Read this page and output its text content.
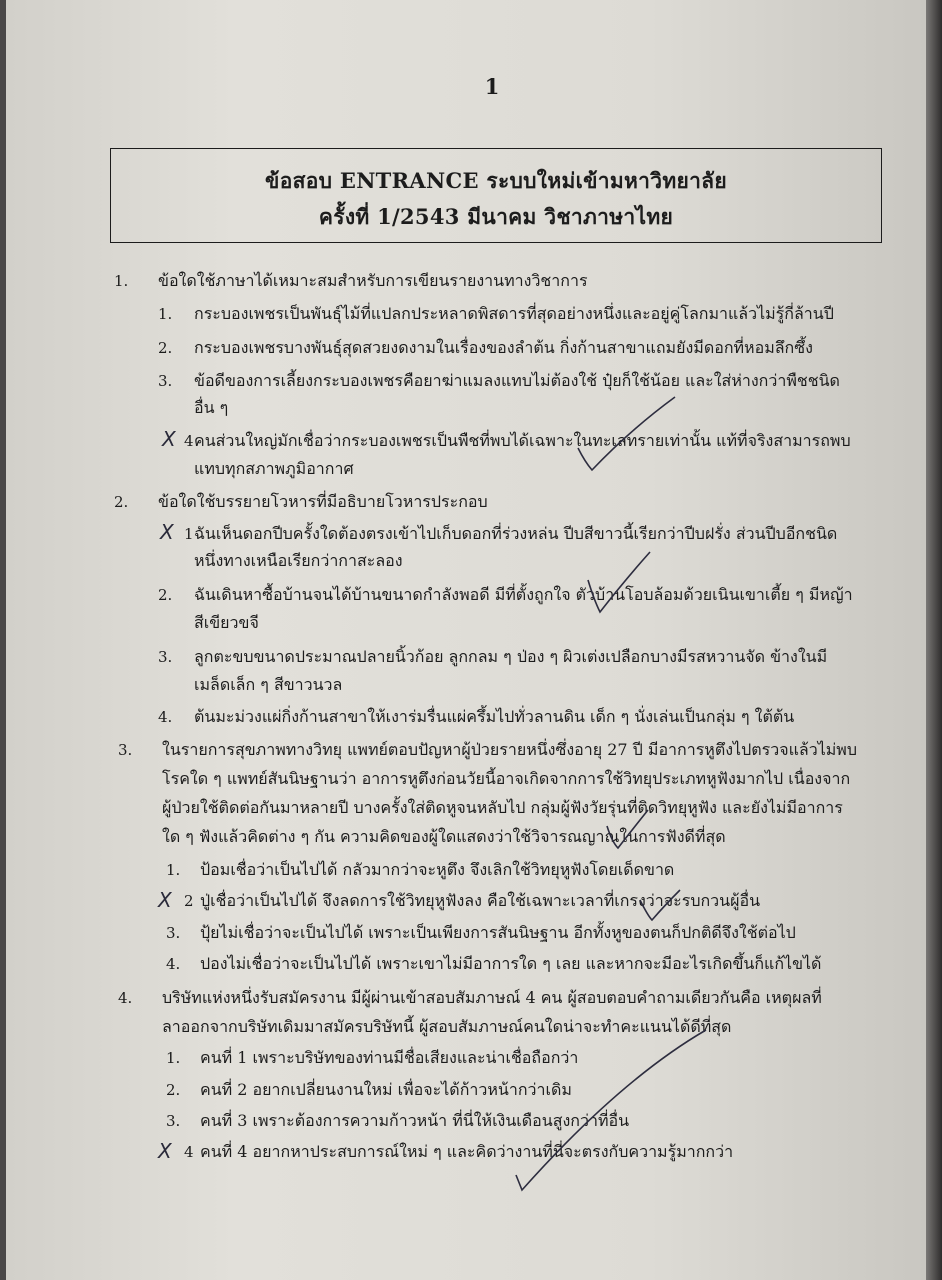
1
ข้อสอบ ENTRANCE ระบบใหม่เข้ามหาวิทยาลัย
ครั้งที่ 1/2543 มีนาคม วิชาภาษาไทย
1. ข้อใดใช้ภาษาได้เหมาะสมสำหรับการเขียนรายงานทางวิชาการ
1. กระบองเพชรเป็นพันธุ์ไม้ที่แปลกประหลาดพิสดารที่สุดอย่างหนึ่งและอยู่คู่โลกมาแล้วไม่รู้กี่ล้านปี
2. กระบองเพชรบางพันธุ์สุดสวยงดงามในเรื่องของลำต้น กิ่งก้านสาขาแถมยังมีดอกที่หอมลึกซึ้ง
3. ข้อดีของการเลี้ยงกระบองเพชรคือยาฆ่าแมลงแทบไม่ต้องใช้ ปุ๋ยก็ใช้น้อย และใส่ห่างกว่าพืชชนิด
อื่น ๆ
4
X คนส่วนใหญ่มักเชื่อว่ากระบองเพชรเป็นพืชที่พบได้เฉพาะในทะเลทรายเท่านั้น แท้ที่จริงสามารถพบ
แทบทุกสภาพภูมิอากาศ
2. ข้อใดใช้บรรยายโวหารที่มีอธิบายโวหารประกอบ
1
X ฉันเห็นดอกปีบครั้งใดต้องตรงเข้าไปเก็บดอกที่ร่วงหล่น ปีบสีขาวนี้เรียกว่าปีบฝรั่ง ส่วนปีบอีกชนิด
หนึ่งทางเหนือเรียกว่ากาสะลอง
2. ฉันเดินหาซื้อบ้านจนได้บ้านขนาดกำลังพอดี มีที่ตั้งถูกใจ ตัวบ้านโอบล้อมด้วยเนินเขาเตี้ย ๆ มีหญ้า
สีเขียวขจี
3. ลูกตะขบขนาดประมาณปลายนิ้วก้อย ลูกกลม ๆ ป่อง ๆ ผิวเต่งเปลือกบางมีรสหวานจัด ข้างในมี
เมล็ดเล็ก ๆ สีขาวนวล
4. ต้นมะม่วงแผ่กิ่งก้านสาขาให้เงาร่มรื่นแผ่ครึ้มไปทั่วลานดิน เด็ก ๆ นั่งเล่นเป็นกลุ่ม ๆ ใต้ต้น
3. ในรายการสุขภาพทางวิทยุ แพทย์ตอบปัญหาผู้ป่วยรายหนึ่งซึ่งอายุ 27 ปี มีอาการหูตึงไปตรวจแล้วไม่พบ
โรคใด ๆ แพทย์สันนิษฐานว่า อาการหูตึงก่อนวัยนี้อาจเกิดจากการใช้วิทยุประเภทหูฟังมากไป เนื่องจาก
ผู้ป่วยใช้ติดต่อกันมาหลายปี บางครั้งใส่ติดหูจนหลับไป กลุ่มผู้ฟังวัยรุ่นที่ติดวิทยุหูฟัง และยังไม่มีอาการ
ใด ๆ ฟังแล้วคิดต่าง ๆ กัน ความคิดของผู้ใดแสดงว่าใช้วิจารณญาณในการฟังดีที่สุด
1. ป้อมเชื่อว่าเป็นไปได้ กลัวมากว่าจะหูตึง จึงเลิกใช้วิทยุหูฟังโดยเด็ดขาด
2
X ปู่เชื่อว่าเป็นไปได้ จึงลดการใช้วิทยุหูฟังลง คือใช้เฉพาะเวลาที่เกรงว่าจะรบกวนผู้อื่น
3. ปุ้ยไม่เชื่อว่าจะเป็นไปได้ เพราะเป็นเพียงการสันนิษฐาน อีกทั้งหูของตนก็ปกติดีจึงใช้ต่อไป
4. ปองไม่เชื่อว่าจะเป็นไปได้ เพราะเขาไม่มีอาการใด ๆ เลย และหากจะมีอะไรเกิดขึ้นก็แก้ไขได้
4. บริษัทแห่งหนึ่งรับสมัครงาน มีผู้ผ่านเข้าสอบสัมภาษณ์ 4 คน ผู้สอบตอบคำถามเดียวกันคือ เหตุผลที่
ลาออกจากบริษัทเดิมมาสมัครบริษัทนี้ ผู้สอบสัมภาษณ์คนใดน่าจะทำคะแนนได้ดีที่สุด
1. คนที่ 1 เพราะบริษัทของท่านมีชื่อเสียงและน่าเชื่อถือกว่า
2. คนที่ 2 อยากเปลี่ยนงานใหม่ เพื่อจะได้ก้าวหน้ากว่าเดิม
3. คนที่ 3 เพราะต้องการความก้าวหน้า ที่นี่ให้เงินเดือนสูงกว่าที่อื่น
4
X คนที่ 4 อยากหาประสบการณ์ใหม่ ๆ และคิดว่างานที่นี่จะตรงกับความรู้มากกว่า
